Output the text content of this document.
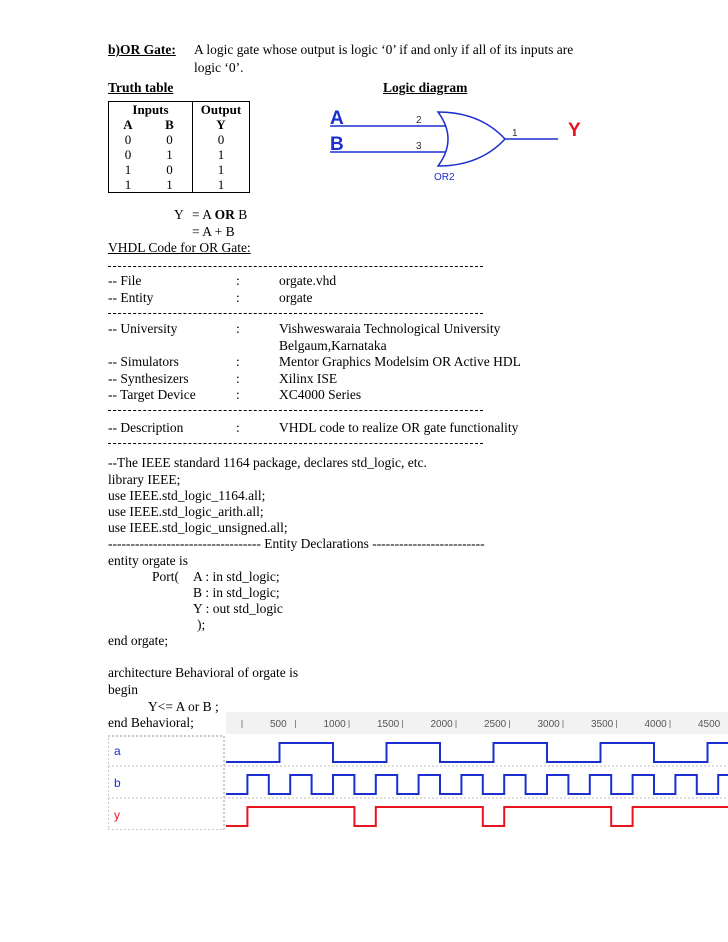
b)OR Gate: A logic gate whose output is logic ‘0’ if and only if all of its inputs are
logic ‘0’.
Truth table	Logic diagram
Inputs		Output
A	B	Y
0	0	0
0	1	1
1	0	1
1	1	1
A
B
2
3
1	Y
OR2
Y = A OR B
= A + B
VHDL Code for OR Gate:
-- File	:	orgate.vhd
-- Entity	:	orgate
-- University	:	Vishweswaraia Technological University
Belgaum,Karnataka
-- Simulators	:	Mentor Graphics Modelsim OR Active HDL
-- Synthesizers	:	Xilinx ISE
-- Target Device	:	XC4000 Series
-- Description	:	VHDL code to realize OR gate functionality
--The IEEE standard 1164 package, declares std_logic, etc.
library IEEE;
use IEEE.std_logic_1164.all;
use IEEE.std_logic_arith.all;
use IEEE.std_logic_unsigned.all;
---------------------------------- Entity Declarations -------------------------
entity orgate is
Port( A : in std_logic;
B : in std_logic;
Y : out std_logic
);
end orgate;
architecture Behavioral of orgate is
begin
Y<= A or B ;
end Behavioral;	500	1000	1500	2000	2500	3000	3500	4000	4500
a
b
y
